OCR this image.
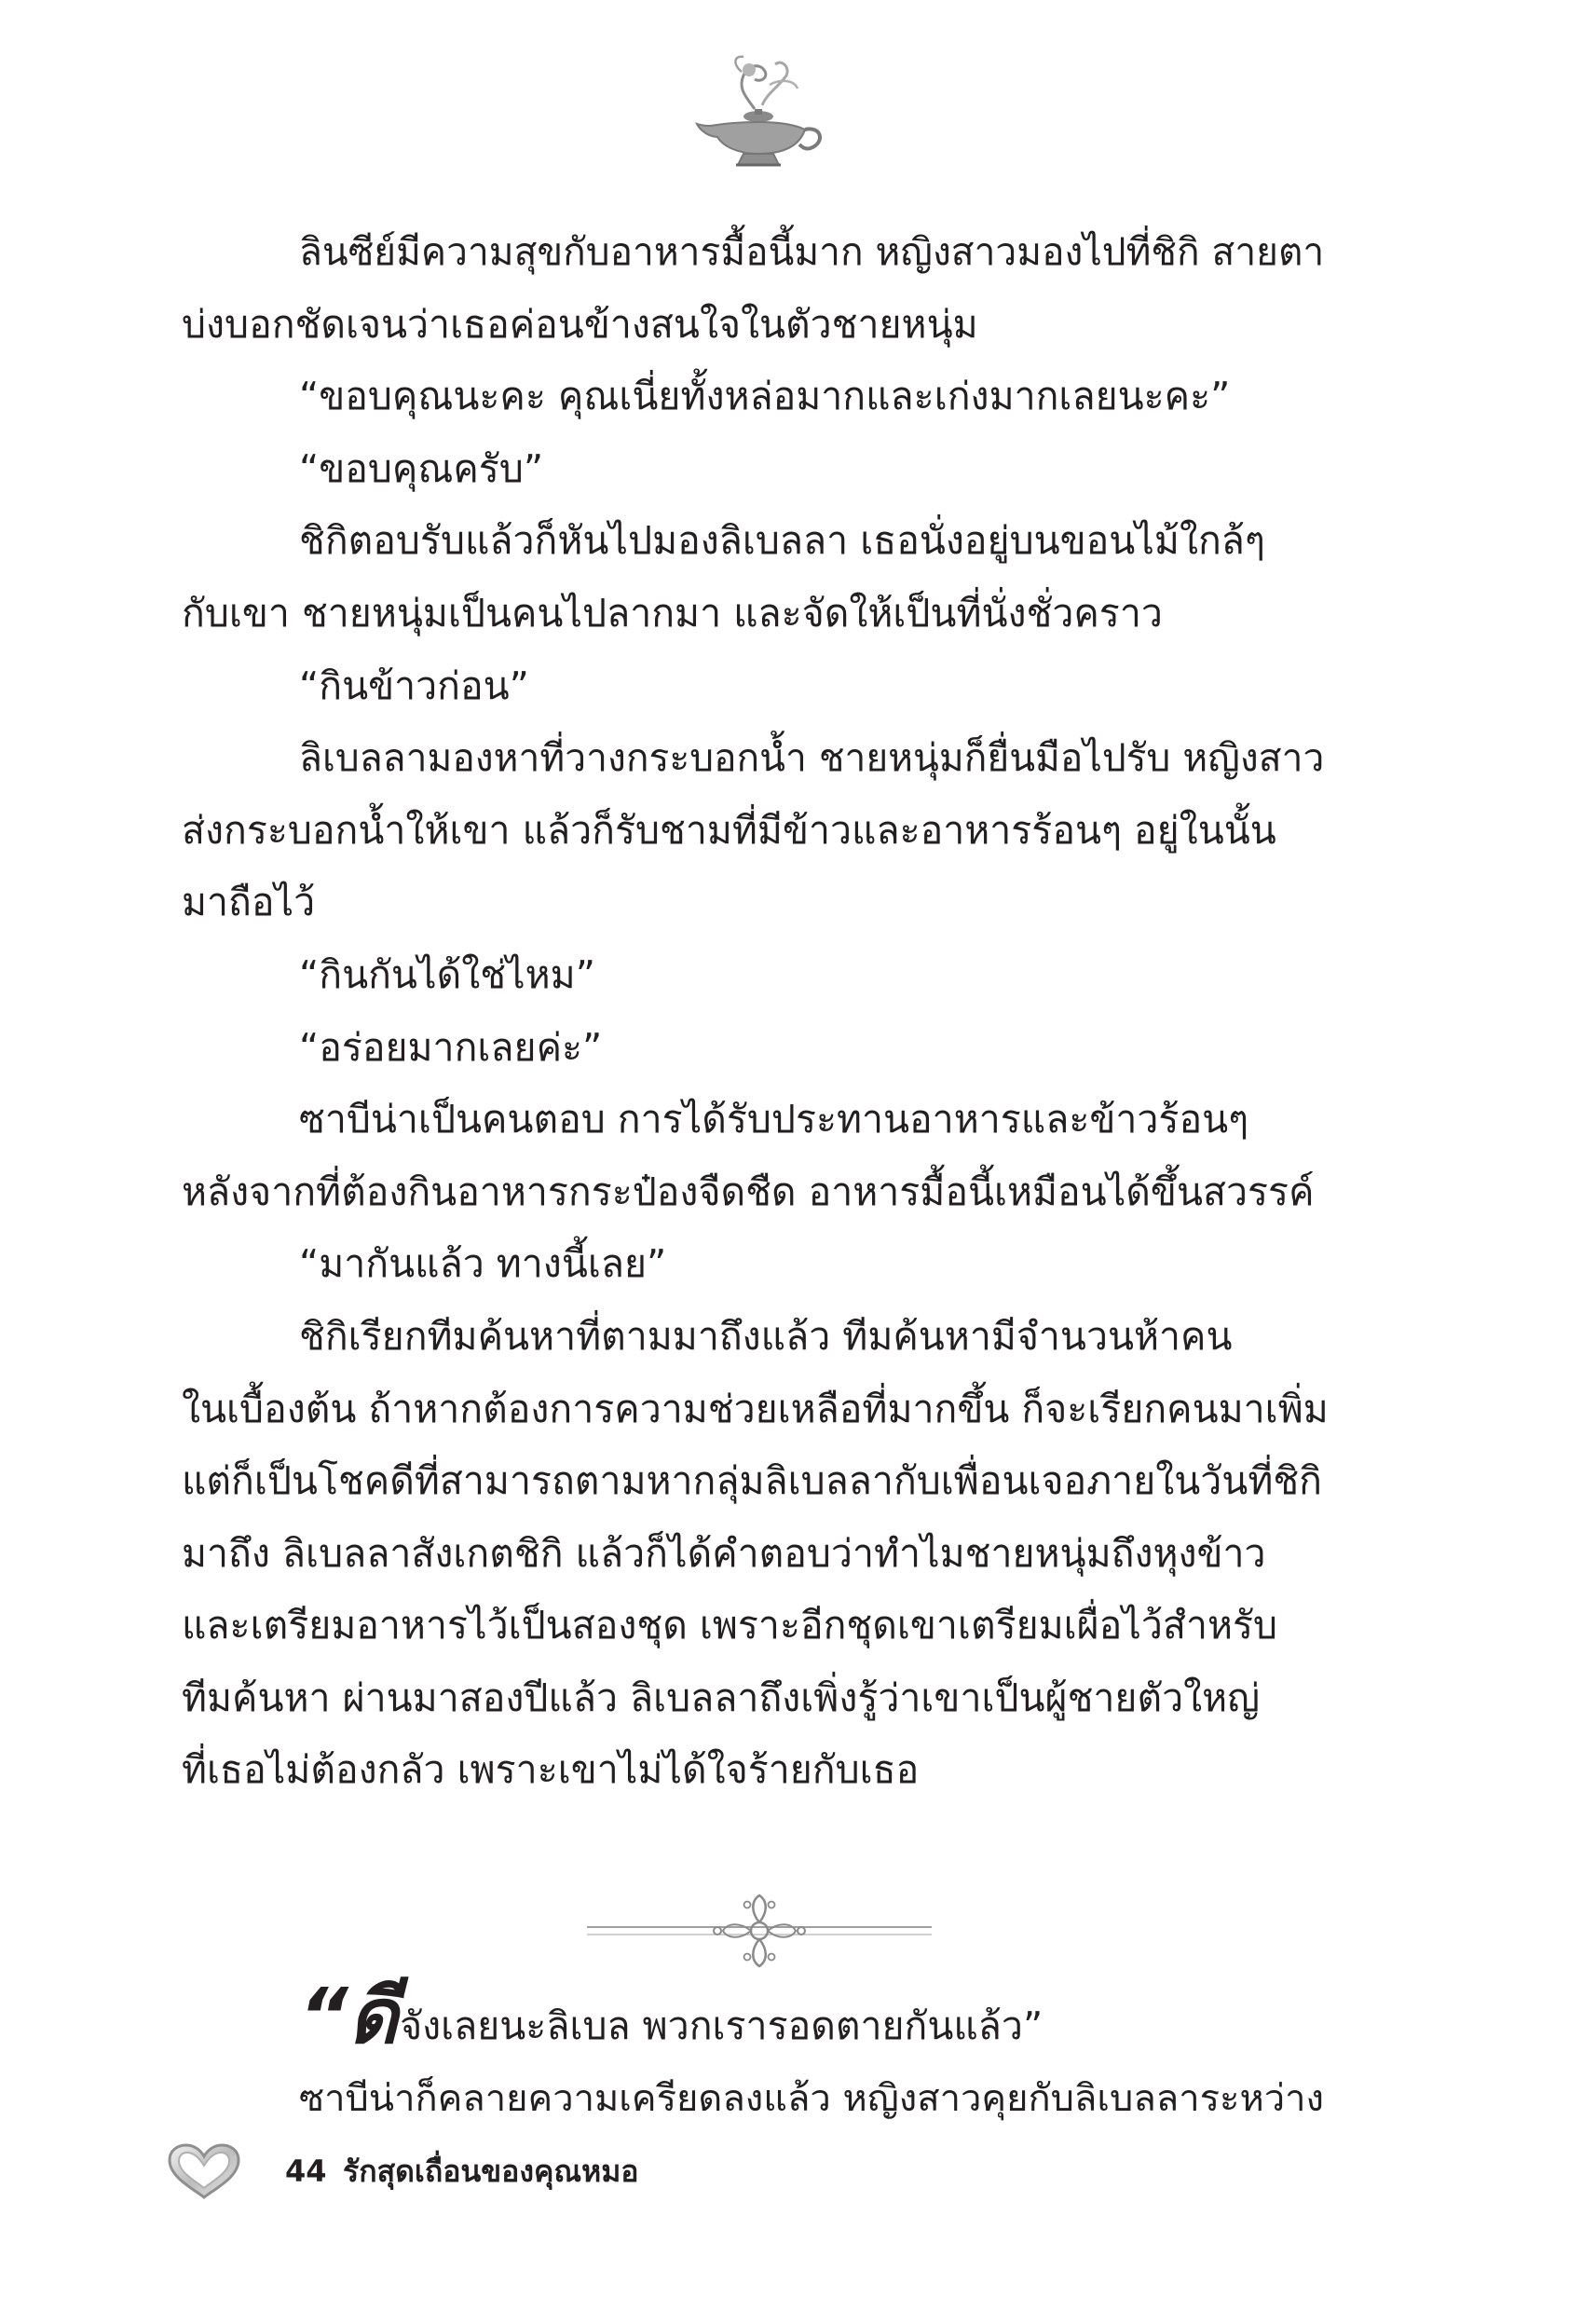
ลินซีย์มีความสุขกับอาหารมื้อนี้มาก หญิงสาวมองไปที่ชิกิ สายตา

บ่งบอกชัดเจนว่าเธอค่อนข้างสนใจในตัวชายหนุ่ม

“ขอบคุณนะคะ คุณเนี่ยทั้งหล่อมากและเก่งมากเลยนะคะ”

“ขอบคุณครับ”

ชิกิตอบรับแล้วก็หันไปมองลิเบลลา เธอนั่งอยู่บนขอนไม้ใกล้ๆ

กับเขา ชายหนุ่มเป็นคนไปลากมา และจัดให้เป็นที่นั่งชั่วคราว

“กินข้าวก่อน”

ลิเบลลามองหาที่วางกระบอกน้ำ ชายหนุ่มก็ยื่นมือไปรับ หญิงสาว

ส่งกระบอกน้ำให้เขา แล้วก็รับชามที่มีข้าวและอาหารร้อนๆ อยู่ในนั้น

มาถือไว้

“กินกันได้ใช่ไหม”

“อร่อยมากเลยค่ะ”

ซาบีน่าเป็นคนตอบ การได้รับประทานอาหารและข้าวร้อนๆ

หลังจากที่ต้องกินอาหารกระป๋องจืดชืด อาหารมื้อนี้เหมือนได้ขึ้นสวรรค์

“มากันแล้ว ทางนี้เลย”

ชิกิเรียกทีมค้นหาที่ตามมาถึงแล้ว ทีมค้นหามีจำนวนห้าคน

ในเบื้องต้น ถ้าหากต้องการความช่วยเหลือที่มากขึ้น ก็จะเรียกคนมาเพิ่ม

แต่ก็เป็นโชคดีที่สามารถตามหากลุ่มลิเบลลากับเพื่อนเจอภายในวันที่ชิกิ

มาถึง ลิเบลลาสังเกตชิกิ แล้วก็ได้คำตอบว่าทำไมชายหนุ่มถึงหุงข้าว

และเตรียมอาหารไว้เป็นสองชุด เพราะอีกชุดเขาเตรียมเผื่อไว้สำหรับ

ทีมค้นหา ผ่านมาสองปีแล้ว ลิเบลลาถึงเพิ่งรู้ว่าเขาเป็นผู้ชายตัวใหญ่

ที่เธอไม่ต้องกลัว เพราะเขาไม่ได้ใจร้ายกับเธอ

“ดีจังเลยนะลิเบล พวกเรารอดตายกันแล้ว”

ซาบีน่าก็คลายความเครียดลงแล้ว หญิงสาวคุยกับลิเบลลาระหว่าง

44 รักสุดเถื่อนของคุณหมอ
